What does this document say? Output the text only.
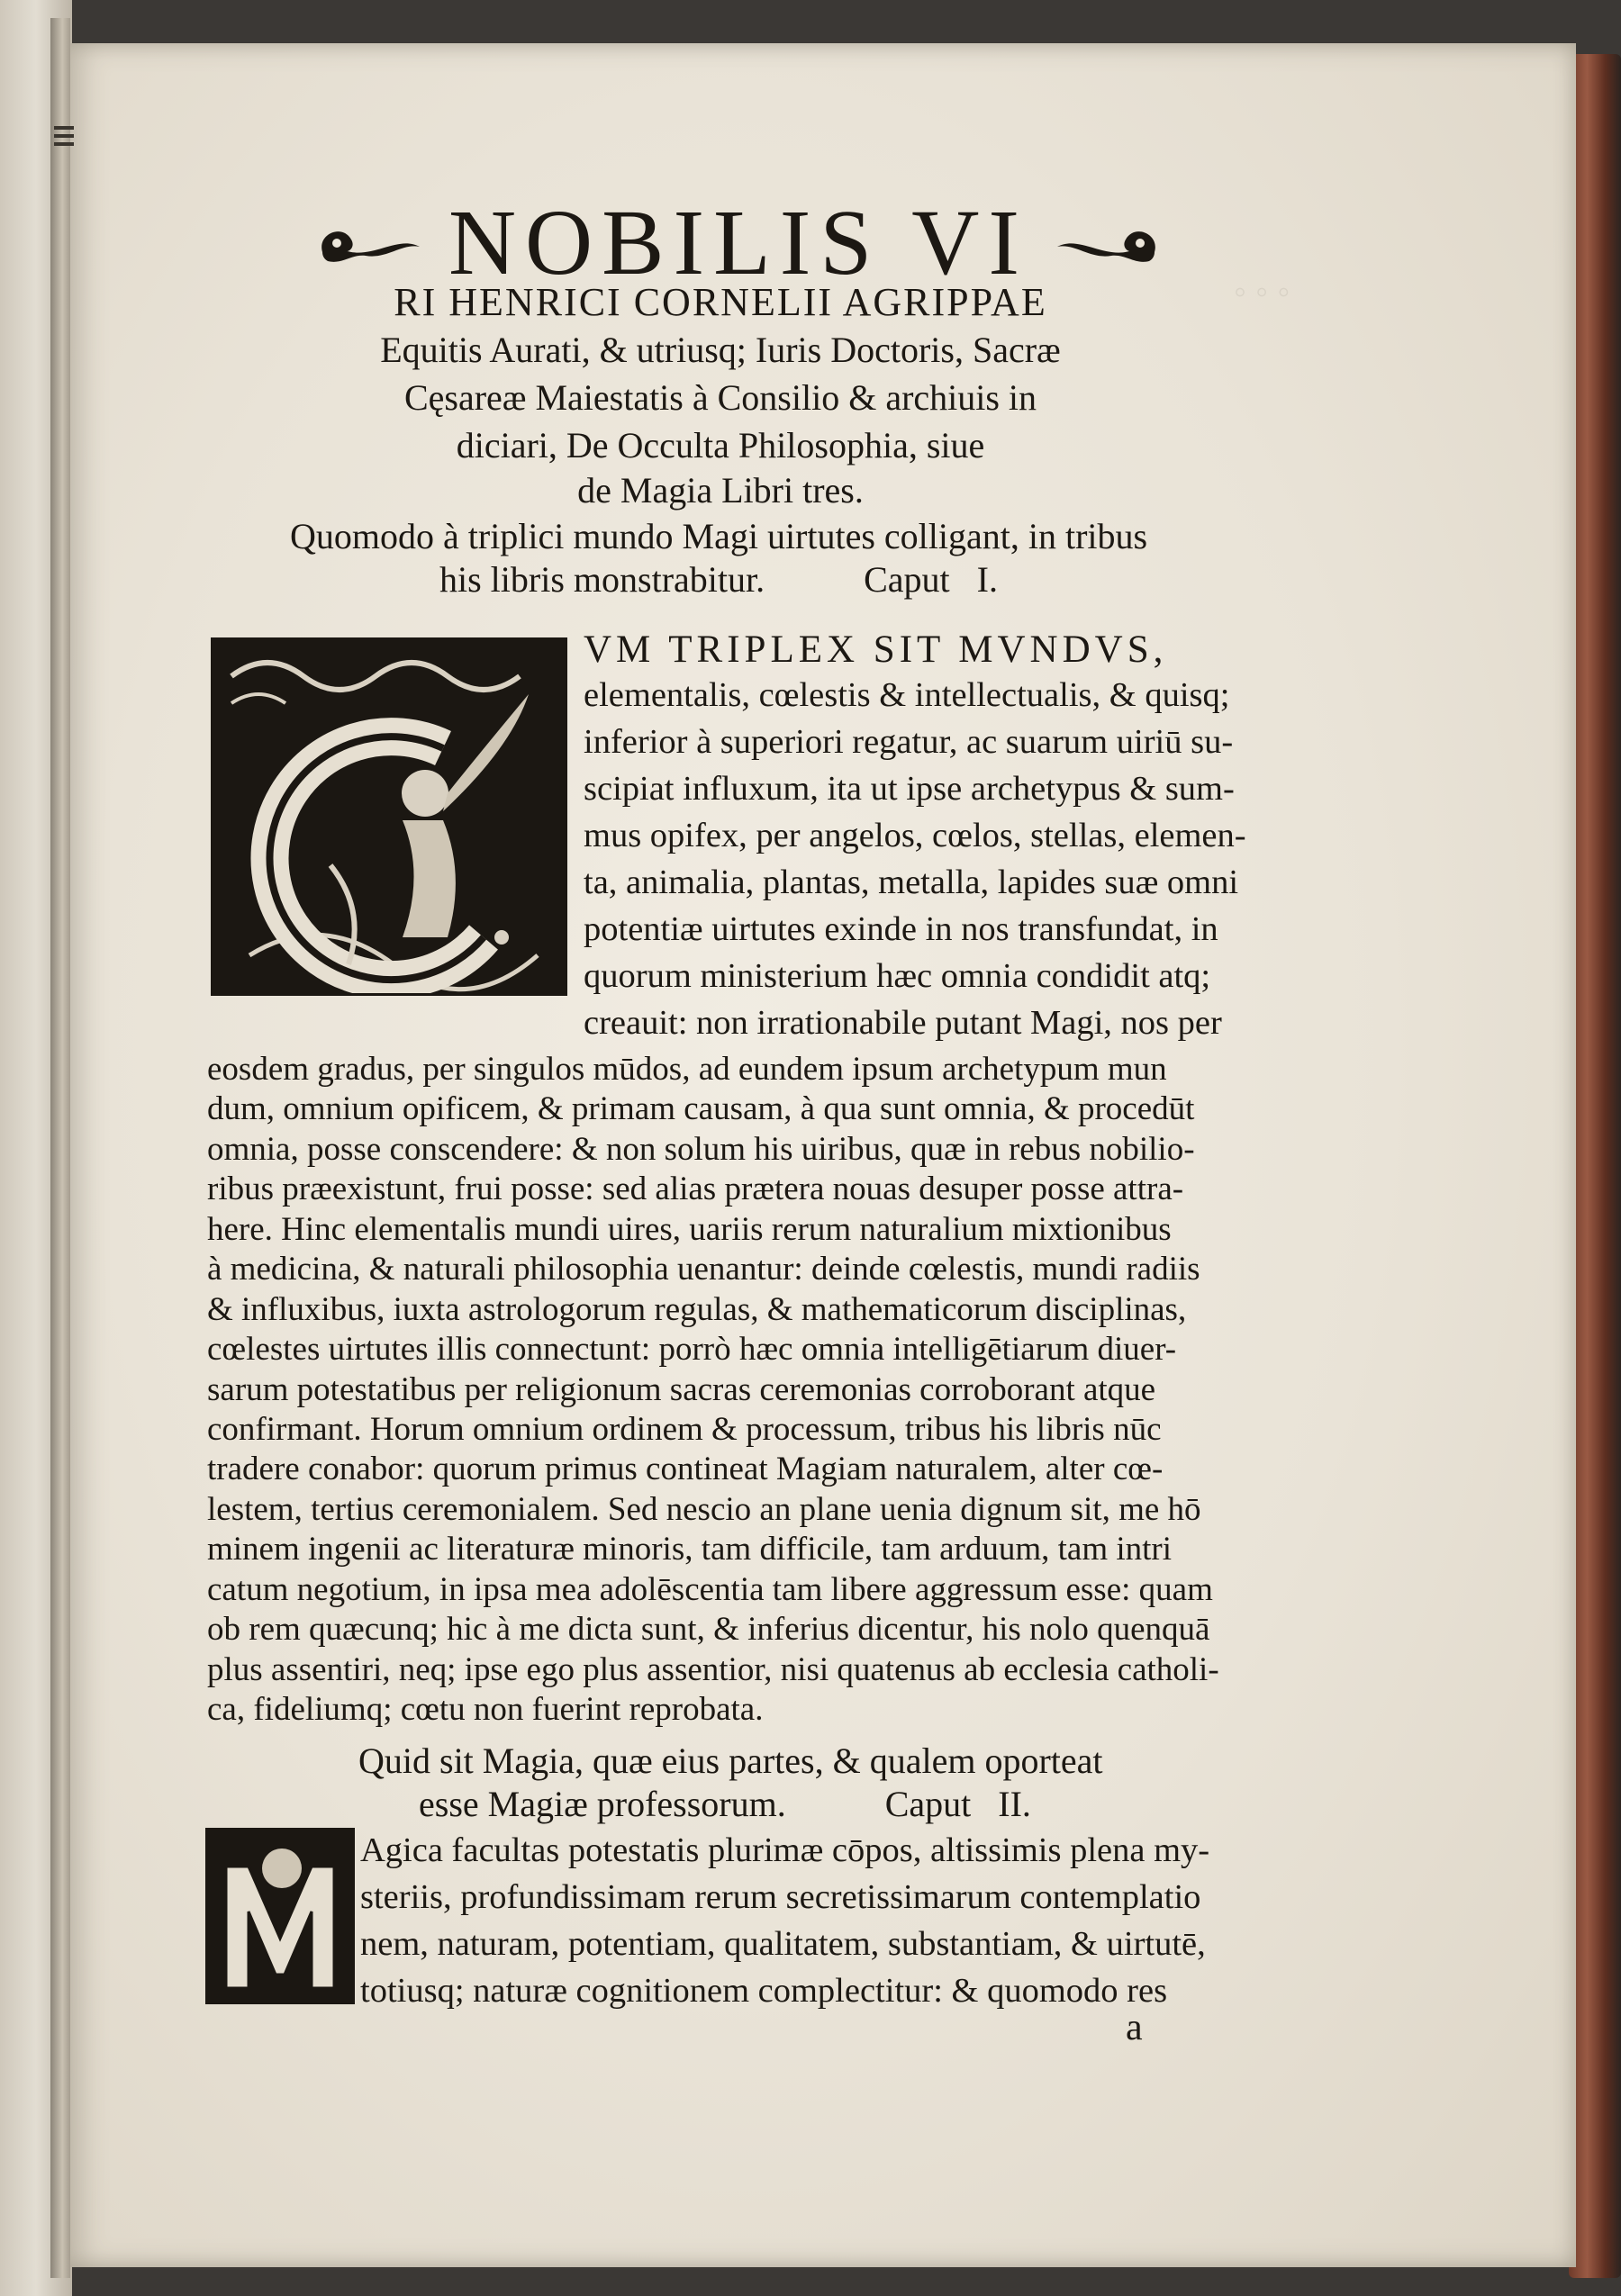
◦ ◦ ◦
NOBILIS VI
RI HENRICI CORNELII AGRIPPAE
Equitis Aurati, & utriusq; Iuris Doctoris, Sacræ
Cęsareæ Maiestatis à Consilio & archiuis in
diciari, De Occulta Philosophia, siue
de Magia Libri tres.
Quomodo à triplici mundo Magi uirtutes colligant, in tribus
his libris monstrabitur.	Caput   I.
VM TRIPLEX SIT MVNDVS,
elementalis, cœlestis & intellectualis, & quisq;
inferior à superiori regatur, ac suarum uiriū su-
scipiat influxum, ita ut ipse archetypus & sum-
mus opifex, per angelos, cœlos, stellas, elemen-
ta, animalia, plantas, metalla, lapides suæ omni
potentiæ uirtutes exinde in nos transfundat, in
quorum ministerium hæc omnia condidit atq;
creauit: non irrationabile putant Magi, nos per
Quid sit Magia, quæ eius partes, & qualem oporteat
esse Magiæ professorum.	Caput   II.
Agica facultas potestatis plurimæ cōpos, altissimis plena my-
steriis, profundissimam rerum secretissimarum contemplatio
nem, naturam, potentiam, qualitatem, substantiam, & uirtutē,
totiusq; naturæ cognitionem complectitur: & quomodo res
a
eosdem gradus, per singulos mūdos, ad eundem ipsum archetypum mun
dum, omnium opificem, & primam causam, à qua sunt omnia, & procedūt
omnia, posse conscendere: & non solum his uiribus, quæ in rebus nobilio-
ribus præexistunt, frui posse: sed alias prætera nouas desuper posse attra-
here. Hinc elementalis mundi uires, uariis rerum naturalium mixtionibus
à medicina, & naturali philosophia uenantur: deinde cœlestis, mundi radiis
& influxibus, iuxta astrologorum regulas, & mathematicorum disciplinas,
cœlestes uirtutes illis connectunt: porrò hæc omnia intelligētiarum diuer-
sarum potestatibus per religionum sacras ceremonias corroborant atque
confirmant. Horum omnium ordinem & processum, tribus his libris nūc
tradere conabor: quorum primus contineat Magiam naturalem, alter cœ-
lestem, tertius ceremonialem. Sed nescio an plane uenia dignum sit, me hō
minem ingenii ac literaturæ minoris, tam difficile, tam arduum, tam intri
catum negotium, in ipsa mea adolēscentia tam libere aggressum esse: quam
ob rem quæcunq; hic à me dicta sunt, & inferius dicentur, his nolo quenquā
plus assentiri, neq; ipse ego plus assentior, nisi quatenus ab ecclesia catholi-
ca, fideliumq; cœtu non fuerint reprobata.
